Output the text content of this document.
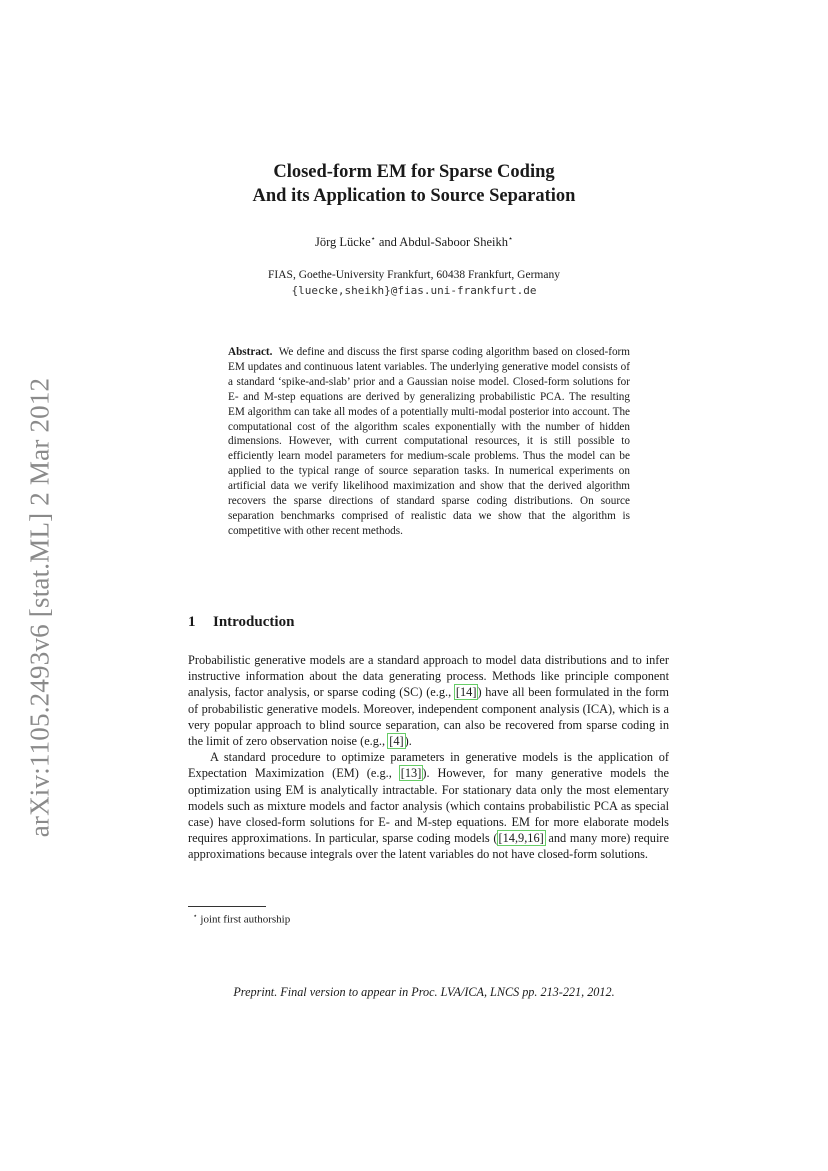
arXiv:1105.2493v6 [stat.ML] 2 Mar 2012
Closed-form EM for Sparse Coding
And its Application to Source Separation
Jörg Lücke⋆ and Abdul-Saboor Sheikh⋆
FIAS, Goethe-University Frankfurt, 60438 Frankfurt, Germany
{luecke,sheikh}@fias.uni-frankfurt.de
Abstract. We define and discuss the first sparse coding algorithm based on closed-form EM updates and continuous latent variables. The underlying generative model consists of a standard ‘spike-and-slab’ prior and a Gaussian noise model. Closed-form solutions for E- and M-step equations are derived by generalizing probabilistic PCA. The resulting EM algorithm can take all modes of a potentially multi-modal posterior into account. The computational cost of the algorithm scales exponentially with the number of hidden dimensions. However, with current computational resources, it is still possible to efficiently learn model parameters for medium-scale problems. Thus the model can be applied to the typical range of source separation tasks. In numerical experiments on artificial data we verify likelihood maximization and show that the derived algorithm recovers the sparse directions of standard sparse coding distributions. On source separation benchmarks comprised of realistic data we show that the algorithm is competitive with other recent methods.
1 Introduction

Probabilistic generative models are a standard approach to model data distributions and to infer instructive information about the data generating process. Methods like principle component analysis, factor analysis, or sparse coding (SC) (e.g., [14]) have all been formulated in the form of probabilistic generative models. Moreover, independent component analysis (ICA), which is a very popular approach to blind source separation, can also be recovered from sparse coding in the limit of zero observation noise (e.g., [4]).

A standard procedure to optimize parameters in generative models is the application of Expectation Maximization (EM) (e.g., [13]). However, for many generative models the optimization using EM is analytically intractable. For stationary data only the most elementary models such as mixture models and factor analysis (which contains probabilistic PCA as special case) have closed-form solutions for E- and M-step equations. EM for more elaborate models requires approximations. In particular, sparse coding models ([14,9,16] and many more) require approximations because integrals over the latent variables do not have closed-form solutions.

⋆ joint first authorship
Preprint. Final version to appear in Proc. LVA/ICA, LNCS pp. 213-221, 2012.
